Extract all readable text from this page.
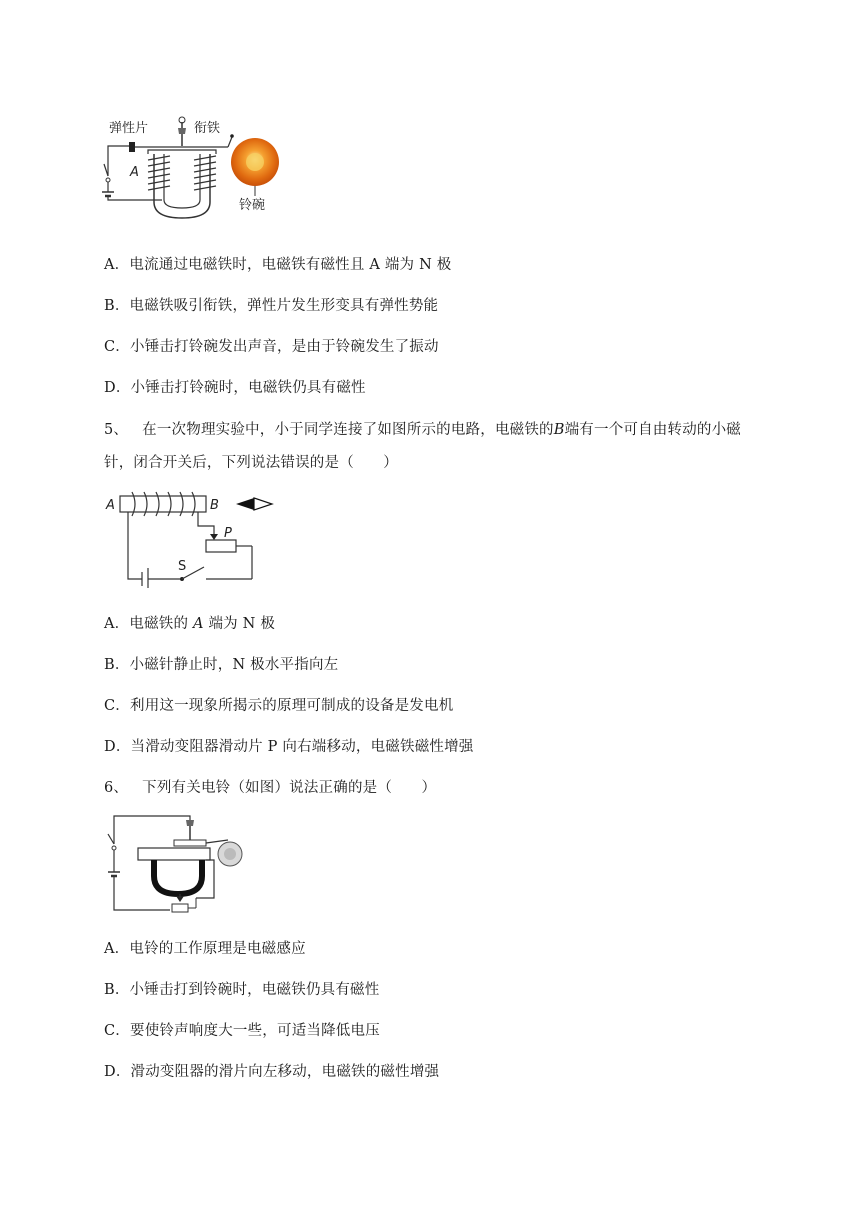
弹性片	衔铁
A
铃碗
A．电流通过电磁铁时，电磁铁有磁性且 A 端为 N 极
B．电磁铁吸引衔铁，弹性片发生形变具有弹性势能
C．小锤击打铃碗发出声音，是由于铃碗发生了振动
D．小锤击打铃碗时，电磁铁仍具有磁性
5、 在一次物理实验中，小于同学连接了如图所示的电路，电磁铁的B端有一个可自由转动的小磁
针，闭合开关后，下列说法错误的是（　　）
A	B
P
S
A．电磁铁的 A 端为 N 极
B．小磁针静止时，N 极水平指向左
C．利用这一现象所揭示的原理可制成的设备是发电机
D．当滑动变阻器滑动片 P 向右端移动，电磁铁磁性增强
6、 下列有关电铃（如图）说法正确的是（　　）
A．电铃的工作原理是电磁感应
B．小锤击打到铃碗时，电磁铁仍具有磁性
C．要使铃声响度大一些，可适当降低电压
D．滑动变阻器的滑片向左移动，电磁铁的磁性增强
